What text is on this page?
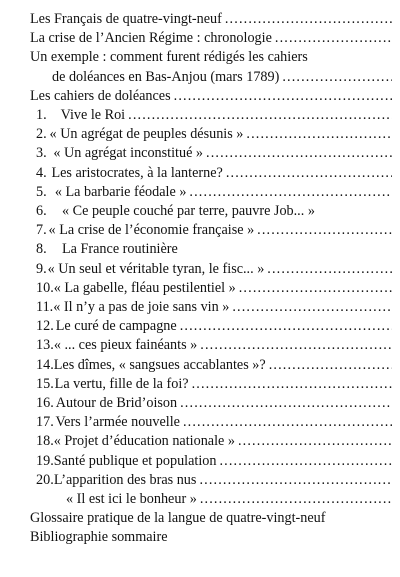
Les Français de quatre-vingt-neuf
. . .
La crise de l’Ancien Régime : chronologie
. . .
Un exemple : comment furent rédigés les cahiers
de doléances en Bas-Anjou (mars 1789)
. . .
Les cahiers de doléances
. . .
1. Vive le Roi
. . .
2. « Un agrégat de peuples désunis »
. . .
3. « Un agrégat inconstitué »
. . .
4. Les aristocrates, à la lanterne?
. . .
5. « La barbarie féodale »
. . .
6.	« Ce peuple couché par terre, pauvre Job... »
7. « La crise de l’économie française »
. . .
8.	La France routinière
9. « Un seul et véritable tyran, le fisc... »
. . .
10. « La gabelle, fléau pestilentiel »
. . .
11. « Il n’y a pas de joie sans vin »
. . .
12. Le curé de campagne
. . .
13. « ... ces pieux fainéants »
. . .
14. Les dîmes, « sangsues accablantes »?
. . .
15. La vertu, fille de la foi?
. . .
16. Autour de Brid’oison
. . .
17. Vers l’armée nouvelle
. . .
18. « Projet d’éducation nationale »
. . .
19. Santé publique et population
. . .
20. L’apparition des bras nus
. . .
« Il est ici le bonheur »
. . .
Glossaire pratique de la langue de quatre-vingt-neuf
Bibliographie sommaire
